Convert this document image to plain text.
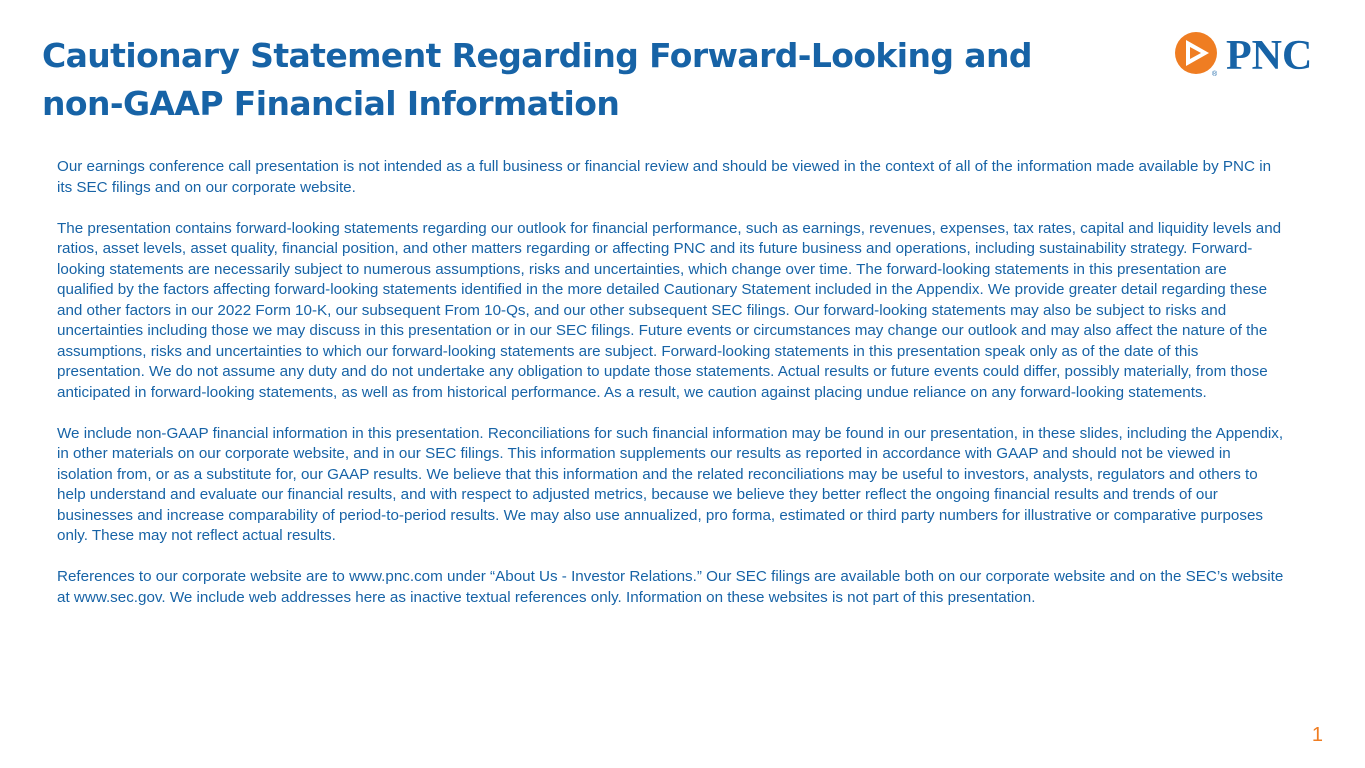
Cautionary Statement Regarding Forward-Looking and
non-GAAP Financial Information
PNC
®

Our earnings conference call presentation is not intended as a full business or financial review and should be viewed in the context of all of the information made available by PNC in its SEC filings and on our corporate website.

The presentation contains forward-looking statements regarding our outlook for financial performance, such as earnings, revenues, expenses, tax rates, capital and liquidity levels and ratios, asset levels, asset quality, financial position, and other matters regarding or affecting PNC and its future business and operations, including sustainability strategy. Forward-looking statements are necessarily subject to numerous assumptions, risks and uncertainties, which change over time. The forward-looking statements in this presentation are qualified by the factors affecting forward-looking statements identified in the more detailed Cautionary Statement included in the Appendix. We provide greater detail regarding these and other factors in our 2022 Form 10-K, our subsequent From 10-Qs, and our other subsequent SEC filings. Our forward-looking statements may also be subject to risks and uncertainties including those we may discuss in this presentation or in our SEC filings. Future events or circumstances may change our outlook and may also affect the nature of the assumptions, risks and uncertainties to which our forward-looking statements are subject. Forward-looking statements in this presentation speak only as of the date of this presentation. We do not assume any duty and do not undertake any obligation to update those statements. Actual results or future events could differ, possibly materially, from those anticipated in forward-looking statements, as well as from historical performance. As a result, we caution against placing undue reliance on any forward-looking statements.

We include non-GAAP financial information in this presentation. Reconciliations for such financial information may be found in our presentation, in these slides, including the Appendix, in other materials on our corporate website, and in our SEC filings. This information supplements our results as reported in accordance with GAAP and should not be viewed in isolation from, or as a substitute for, our GAAP results. We believe that this information and the related reconciliations may be useful to investors, analysts, regulators and others to help understand and evaluate our financial results, and with respect to adjusted metrics, because we believe they better reflect the ongoing financial results and trends of our businesses and increase comparability of period-to-period results. We may also use annualized, pro forma, estimated or third party numbers for illustrative or comparative purposes only. These may not reflect actual results.

References to our corporate website are to www.pnc.com under “About Us - Investor Relations.” Our SEC filings are available both on our corporate website and on the SEC’s website at www.sec.gov. We include web addresses here as inactive textual references only. Information on these websites is not part of this presentation.

1
